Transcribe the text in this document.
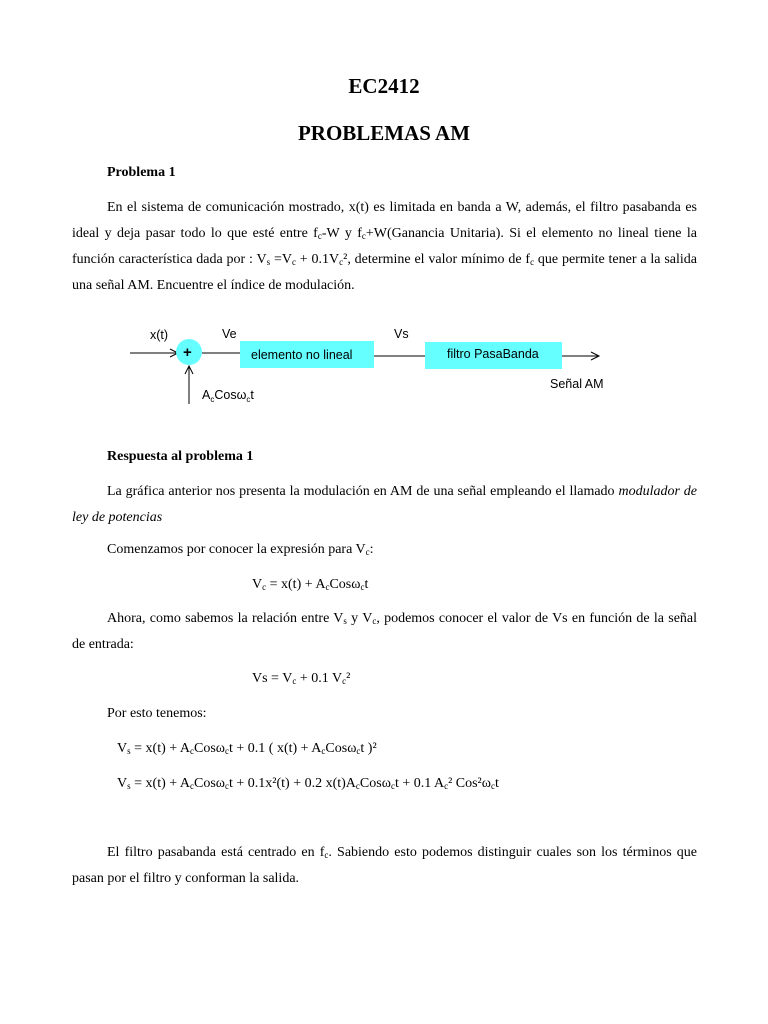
EC2412
PROBLEMAS AM
Problema 1
En el sistema de comunicación mostrado, x(t) es limitada en banda a W, además, el filtro pasabanda es ideal y deja pasar todo lo que esté entre $f_c-W$ y $f_c+W(Ganancia$ Unitaria). Si el elemento no lineal tiene la función característica dada por : $V_s =V_c + 0.1V_c^2$, determine el valor mínimo de $f_c$ que permite tener a la salida una señal AM. Encuentre el índice de modulación.
x(t)
+
$A_cCos\omega_ct$
Ve
elemento no lineal
Vs
filtro PasaBanda
Señal AM
Respuesta al problema 1
La gráfica anterior nos presenta la modulación en AM de una señal empleando el llamado modulador de ley de potencias
Comenzamos por conocer la expresión para $V_c$:
$V_c = x(t) + A_cCos\omega_ct$
Ahora, como sabemos la relación entre $V_s$ y $V_c$, podemos conocer el valor de Vs en función de la señal de entrada:
$Vs = V_c + 0.1$ $V_c^2$
Por esto tenemos:
$V_s = x(t) + A_cCos\omega_ct + 0.1$ ( $x(t) + A_cCos\omega_ct$ )²
$V_s = x(t) + A_cCos\omega_ct + 0.1x^2(t) + 0.2$ $x(t)A_cCos\omega_ct + 0.1$ $A_c^2$ $Cos^2\omega_ct$
El filtro pasabanda está centrado en $f_c$. Sabiendo esto podemos distinguir cuales son los términos que pasan por el filtro y conforman la salida.
